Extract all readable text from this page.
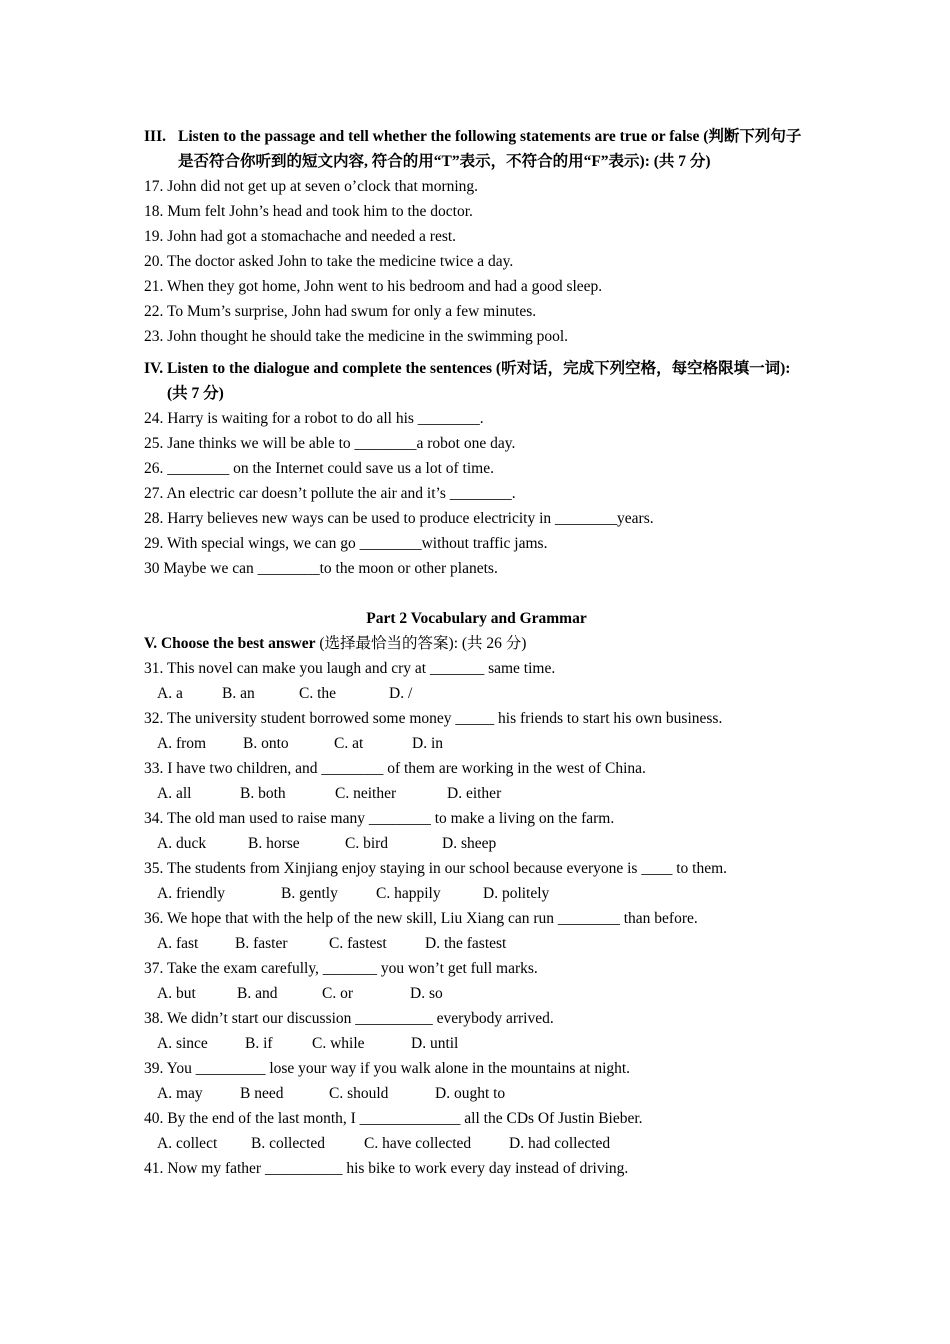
III. Listen to the passage and tell whether the following statements are true or false (判断下列句子是否符合你听到的短文内容, 符合的用“T”表示，不符合的用“F”表示): (共 7 分)
17. John did not get up at seven o’clock that morning.
18. Mum felt John’s head and took him to the doctor.
19. John had got a stomachache and needed a rest.
20. The doctor asked John to take the medicine twice a day.
21. When they got home, John went to his bedroom and had a good sleep.
22. To Mum’s surprise, John had swum for only a few minutes.
23. John thought he should take the medicine in the swimming pool.
IV. Listen to the dialogue and complete the sentences (听对话，完成下列空格，每空格限填一词): (共 7 分)
24. Harry is waiting for a robot to do all his ________.
25. Jane thinks we will be able to ________a robot one day.
26. ________ on the Internet could save us a lot of time.
27. An electric car doesn’t pollute the air and it’s ________.
28. Harry believes new ways can be used to produce electricity in ________years.
29. With special wings, we can go ________without traffic jams.
30 Maybe we can ________to the moon or other planets.
Part 2 Vocabulary and Grammar
V. Choose the best answer (选择最恰当的答案): (共 26 分)
31. This novel can make you laugh and cry at _______ same time.
A. a	B. an	C. the	D. /
32. The university student borrowed some money _____ his friends to start his own business.
A. from B. onto	C. at	D. in
33. I have two children, and ________ of them are working in the west of China.
A. all	B. both	C. neither	D. either
34. The old man used to raise many ________ to make a living on the farm.
A. duck	B. horse	C. bird	D. sheep
35. The students from Xinjiang enjoy staying in our school because everyone is ____ to them.
A. friendly	B. gently C. happily	D. politely
36. We hope that with the help of the new skill, Liu Xiang can run ________ than before.
A. fast B. faster	C. fastest D. the fastest
37. Take the exam carefully, _______ you won’t get full marks.
A. but	B. and	C. or	D. so
38. We didn’t start our discussion __________ everybody arrived.
A. since B. if	C. while	D. until
39. You _________ lose your way if you walk alone in the mountains at night.
A. may B need	C. should	D. ought to
40. By the end of the last month, I _____________ all the CDs Of Justin Bieber.
A. collect B. collected	C. have collected D. had collected
41. Now my father __________ his bike to work every day instead of driving.
